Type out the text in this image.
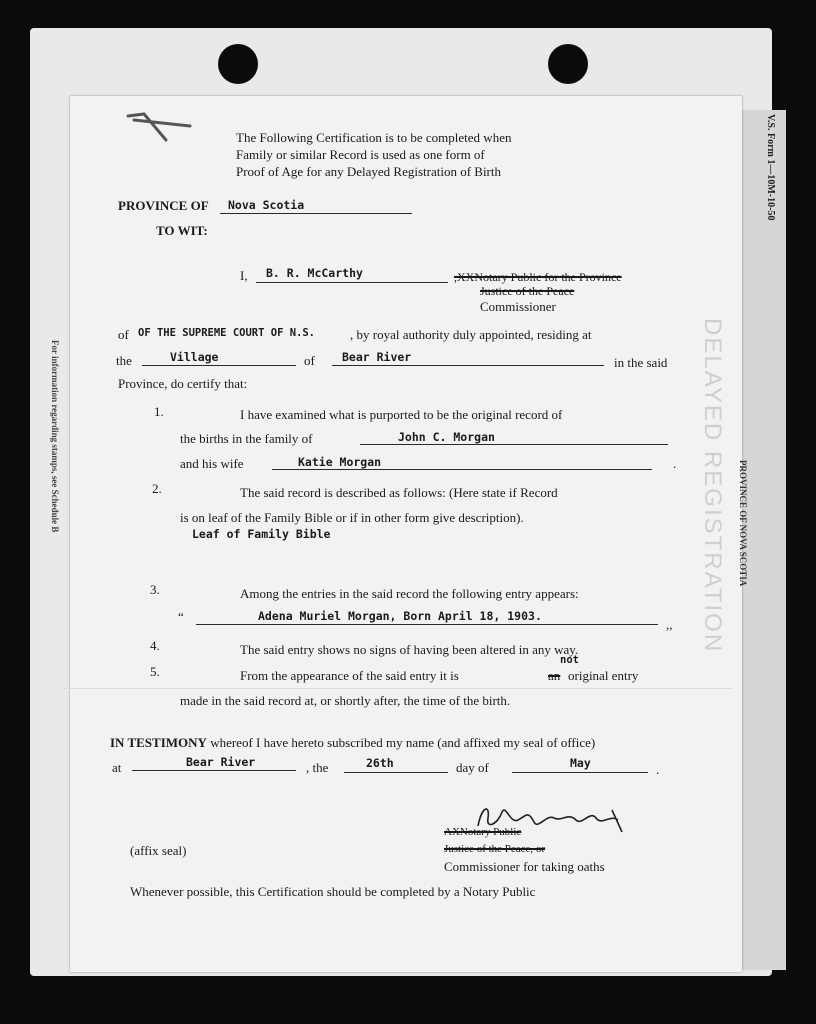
For information regarding stamps, see Schedule B	DELAYED REGISTRATION PROVINCE OF NOVA SCOTIA
V.S. Form 1—10M-10-50
The Following Certification is to be completed when
Family or similar Record is used as one form of
Proof of Age for any Delayed Registration of Birth
PROVINCE OF Nova Scotia
TO WIT:
I, B. R. McCarthy	,XXNotary Public for the Province
Justice of the Peace
Commissioner
of OF THE SUPREME COURT OF N.S.	, by royal authority duly appointed, residing at
the	Village	of Bear River	in the said
Province, do certify that:
1.	I have examined what is purported to be the original record of
the births in the family of	John C. Morgan
and his wife	Katie Morgan	.
2.	The said record is described as follows: (Here state if Record
is on leaf of the Family Bible or if in other form give description).
Leaf of Family Bible
3.	Among the entries in the said record the following entry appears:
“	Adena Muriel Morgan, Born April 18, 1903.
,,
4.	The said entry shows no signs of having been altered in any way.
5.	From the appearance of the said entry it is	an
not
original entry
made in the said record at, or shortly after, the time of the birth.
IN TESTIMONY whereof I have hereto subscribed my name (and affixed my seal of office)
at	Bear River	, the	26th	day of	May	.
AXNotary Public
Justice of the Peace, or
(affix seal)
Commissioner for taking oaths
Whenever possible, this Certification should be completed by a Notary Public
